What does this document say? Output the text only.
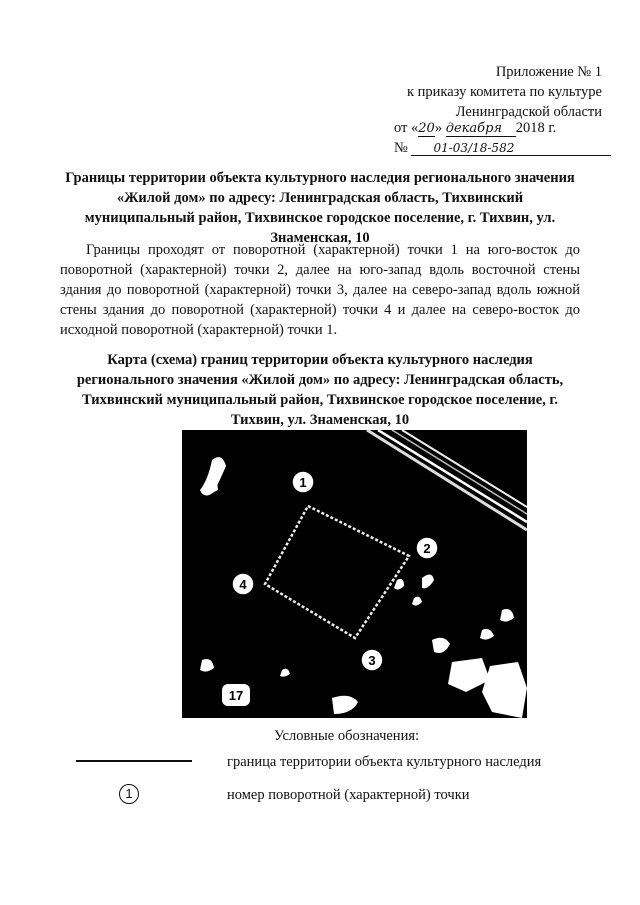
Приложение № 1
к приказу комитета по культуре
Ленинградской области
от «20» декабря 2018 г.
№ 01-03/18-582
Границы территории объекта культурного наследия регионального значения «Жилой дом» по адресу: Ленинградская область, Тихвинский муниципальный район, Тихвинское городское поселение, г. Тихвин, ул. Знаменская, 10
Границы проходят от поворотной (характерной) точки 1 на юго-восток до поворотной (характерной) точки 2, далее на юго-запад вдоль восточной стены здания до поворотной (характерной) точки 3, далее на северо-запад вдоль южной стены здания до поворотной (характерной) точки 4 и далее на северо-восток до исходной поворотной (характерной) точки 1.
Карта (схема) границ территории объекта культурного наследия регионального значения «Жилой дом» по адресу: Ленинградская область, Тихвинский муниципальный район, Тихвинское городское поселение, г. Тихвин, ул. Знаменская, 10
1
2
3
4
17
Условные обозначения:
граница территории объекта культурного наследия
1	номер поворотной (характерной) точки
